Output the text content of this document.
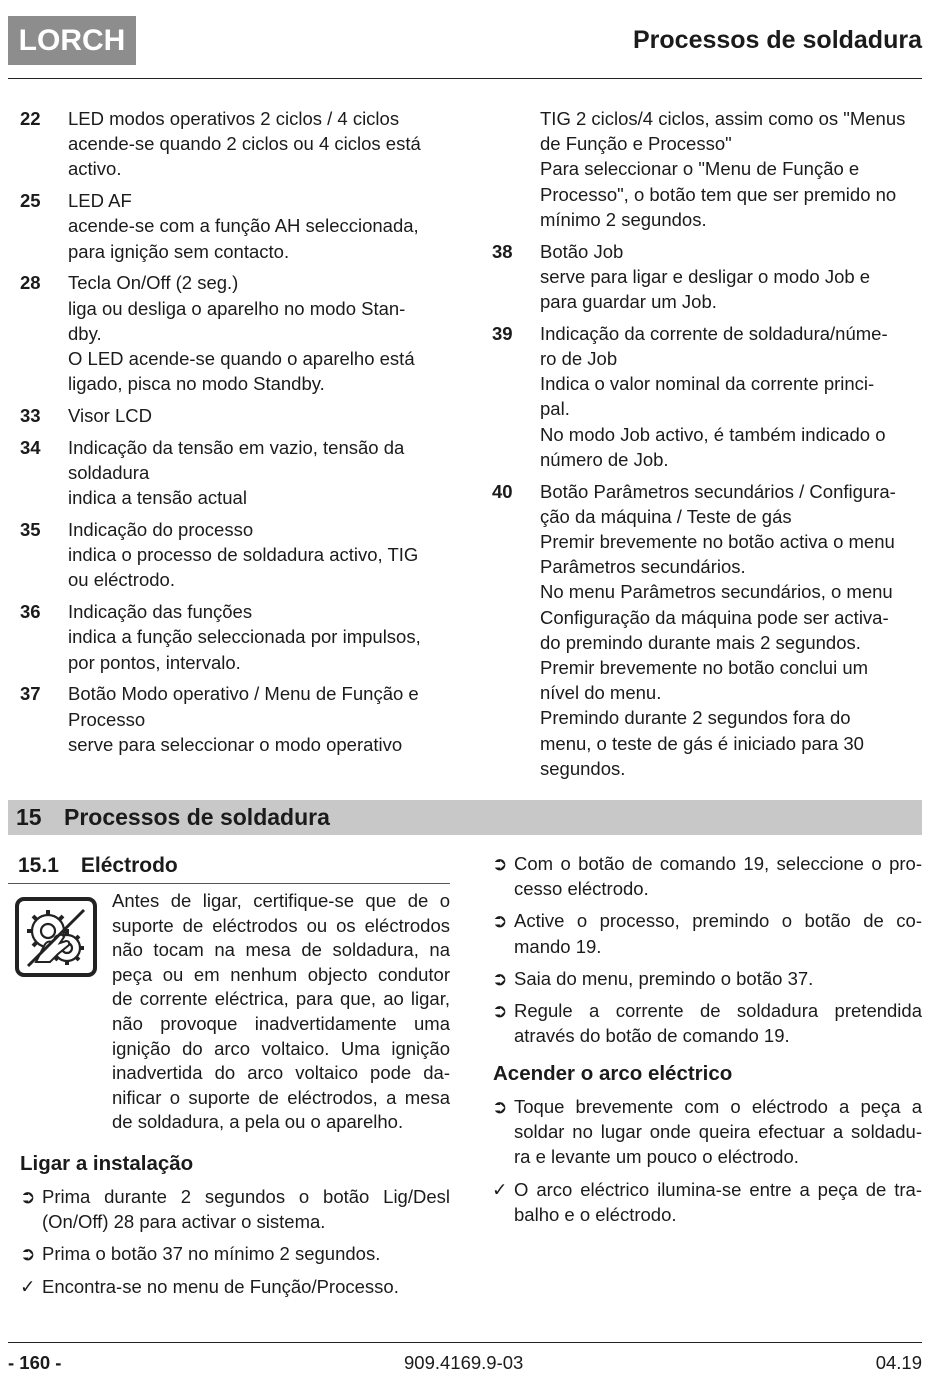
LORCH	Processos de soldadura
22	LED modos operativos 2 ciclos / 4 ciclos
acende-se quando 2 ciclos ou 4 ciclos está
activo.
25	LED AF
acende-se com a função AH seleccionada,
para ignição sem contacto.
28	Tecla On/Off (2 seg.)
liga ou desliga o aparelho no modo Stan-
dby.
O LED acende-se quando o aparelho está
ligado, pisca no modo Standby.
33	Visor LCD
34	Indicação da tensão em vazio, tensão da
soldadura
indica a tensão actual
35	Indicação do processo
indica o processo de soldadura activo, TIG
ou eléctrodo.
36	Indicação das funções
indica a função seleccionada por impulsos,
por pontos, intervalo.
37	Botão Modo operativo / Menu de Função e
Processo
serve para seleccionar o modo operativo
TIG 2 ciclos/4 ciclos, assim como os "Menus
de Função e Processo"
Para seleccionar o "Menu de Função e
Processo", o botão tem que ser premido no
mínimo 2 segundos.
38	Botão Job
serve para ligar e desligar o modo Job e
para guardar um Job.
39	Indicação da corrente de soldadura/núme-
ro de Job
Indica o valor nominal da corrente princi-
pal.
No modo Job activo, é também indicado o
número de Job.
40	Botão Parâmetros secundários / Configura-
ção da máquina / Teste de gás
Premir brevemente no botão activa o menu
Parâmetros secundários.
No menu Parâmetros secundários, o menu
Configuração da máquina pode ser activa-
do premindo durante mais 2 segundos.
Premir brevemente no botão conclui um
nível do menu.
Premindo durante 2 segundos fora do
menu, o teste de gás é iniciado para 30
segundos.
15 Processos de soldadura
15.1 Eléctrodo
Antes de ligar, certifique-se que de o
suporte de eléctrodos ou os eléctrodos
não tocam na mesa de soldadura, na
peça ou em nenhum objecto condutor
de corrente eléctrica, para que, ao ligar,
não provoque inadvertidamente uma
ignição do arco voltaico. Uma ignição
inadvertida do arco voltaico pode da-
nificar o suporte de eléctrodos, a mesa
de soldadura, a pela ou o aparelho.
Ligar a instalação
➲ Prima durante 2 segundos o botão Lig/Desl
(On/Off) 28 para activar o sistema.
➲ Prima o botão 37 no mínimo 2 segundos.
✓ Encontra-se no menu de Função/Processo.
➲ Com o botão de comando 19, seleccione o pro-
cesso eléctrodo.
➲ Active o processo, premindo o botão de co-
mando 19.
➲ Saia do menu, premindo o botão 37.
➲ Regule a corrente de soldadura pretendida
através do botão de comando 19.
Acender o arco eléctrico
➲ Toque brevemente com o eléctrodo a peça a
soldar no lugar onde queira efectuar a soldadu-
ra e levante um pouco o eléctrodo.
✓ O arco eléctrico ilumina-se entre a peça de tra-
balho e o eléctrodo.
- 160 -	909.4169.9-03	04.19
